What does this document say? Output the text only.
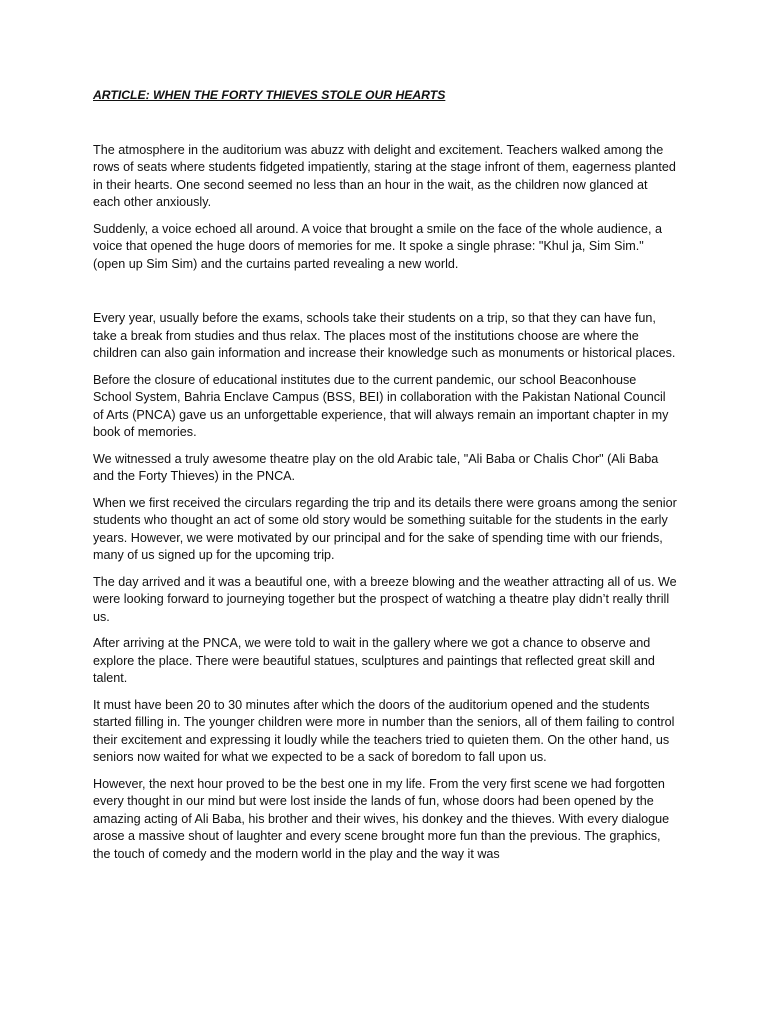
ARTICLE: WHEN THE FORTY THIEVES STOLE OUR HEARTS

The atmosphere in the auditorium was abuzz with delight and excitement. Teachers walked among the rows of seats where students fidgeted impatiently, staring at the stage infront of them, eagerness planted in their hearts. One second seemed no less than an hour in the wait, as the children now glanced at each other anxiously.

Suddenly, a voice echoed all around. A voice that brought a smile on the face of the whole audience, a voice that opened the huge doors of memories for me. It spoke a single phrase: "Khul ja, Sim Sim." (open up Sim Sim) and the curtains parted revealing a new world.

Every year, usually before the exams, schools take their students on a trip, so that they can have fun, take a break from studies and thus relax. The places most of the institutions choose are where the children can also gain information and increase their knowledge such as monuments or historical places.

Before the closure of educational institutes due to the current pandemic, our school Beaconhouse School System, Bahria Enclave Campus (BSS, BEI) in collaboration with the Pakistan National Council of Arts (PNCA) gave us an unforgettable experience, that will always remain an important chapter in my book of memories.

We witnessed a truly awesome theatre play on the old Arabic tale, "Ali Baba or Chalis Chor" (Ali Baba and the Forty Thieves) in the PNCA.

When we first received the circulars regarding the trip and its details there were groans among the senior students who thought an act of some old story would be something suitable for the students in the early years. However, we were motivated by our principal and for the sake of spending time with our friends, many of us signed up for the upcoming trip.

The day arrived and it was a beautiful one, with a breeze blowing and the weather attracting all of us. We were looking forward to journeying together but the prospect of watching a theatre play didn’t really thrill us.

After arriving at the PNCA, we were told to wait in the gallery where we got a chance to observe and explore the place. There were beautiful statues, sculptures and paintings that reflected great skill and talent.

It must have been 20 to 30 minutes after which the doors of the auditorium opened and the students started filling in. The younger children were more in number than the seniors, all of them failing to control their excitement and expressing it loudly while the teachers tried to quieten them. On the other hand, us seniors now waited for what we expected to be a sack of boredom to fall upon us.

However, the next hour proved to be the best one in my life. From the very first scene we had forgotten every thought in our mind but were lost inside the lands of fun, whose doors had been opened by the amazing acting of Ali Baba, his brother and their wives, his donkey and the thieves. With every dialogue arose a massive shout of laughter and every scene brought more fun than the previous. The graphics, the touch of comedy and the modern world in the play and the way it was
